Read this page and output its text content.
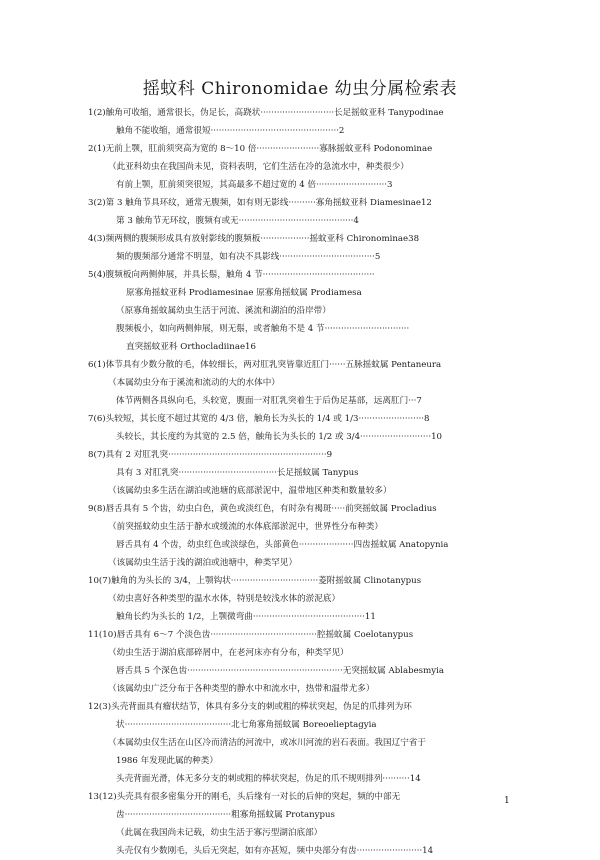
摇蚊科 Chironomidae 幼虫分属检索表
1(2)触角可收缩，通常很长，伪足长，高跷状···························长足摇蚊亚科 Tanypodinae
触角不能收缩，通常很短···············································2
2(1)无前上颚，肛前须突高为宽的 8～10 倍·······················寡脉摇蚊亚科 Podonominae
（此亚科幼虫在我国尚未见，资料表明，它们生活在冷的急流水中，种类很少）
有前上颚，肛前须突很短，其高最多不超过宽的 4 倍··························3
3(2)第 3 触角节具环纹，通常无腹频，如有则无影线··········寡角摇蚊亚科 Diamesinae12
第 3 触角节无环纹，腹频有或无··········································4
4(3)频两侧的腹频形成具有放射影线的腹频板··················摇蚊亚科 Chironominae38
频的腹频部分通常不明显，如有决不具影线···································5
5(4)腹频板向两侧伸展，并具长鬃，触角 4 节·········································
原寡角摇蚊亚科 Prodiamesinae 原寡角摇蚊属 Prodiamesa
（原寡角摇蚊属幼虫生活于河流、溪流和湖泊的沿岸带）
腹频板小，如向两侧伸展，则无鬃，或者触角不是 4 节·······························
直突摇蚊亚科 Orthocladiinae16
6(1)体节具有少数分散的毛，体较细长，两对肛乳突皆靠近肛门······五脉摇蚊属 Pentaneura
（本属幼虫分布于溪流和流动的大的水体中）
体节两侧各具纵向毛，头较宽，腹面一对肛乳突着生于后伪足基部，远离肛门···7
7(6)头较短，其长度不超过其宽的 4/3 倍，触角长为头长的 1/4 或 1/3························8
头较长，其长度约为其宽的 2.5 倍，触角长为头长的 1/2 或 3/4··························10
8(7)具有 2 对肛乳突··························································9
具有 3 对肛乳突····································长足摇蚊属 Tanypus
（该属幼虫多生活在湖泊或池塘的底部淤泥中，温带地区种类和数量较多）
9(8)唇舌具有 5 个齿，幼虫白色，黄色或淡红色，有时杂有褐斑·····前突摇蚊属 Procladius
（前突摇蚊幼虫生活于静水或缓流的水体底部淤泥中，世界性分布种类）
唇舌具有 4 个齿，幼虫红色或淡绿色，头部黄色····················四齿摇蚊属 Anatopynia
（该属幼虫生活于浅的湖泊或池塘中，种类罕见）
10(7)触角的为头长的 3/4，上颚钩状································菱附摇蚊属 Clinotanypus
（幼虫喜好各种类型的温水水体，特别是较浅水体的淤泥底）
触角长约为头长的 1/2，上颚微弯曲·········································11
11(10)唇舌具有 6～7 个淡色齿·······································腔摇蚊属 Coelotanypus
（幼虫生活于湖泊底部碎屑中，在老河床亦有分布，种类罕见）
唇舌具 5 个深色齿·························································无突摇蚊属 Ablabesmyia
（该属幼虫广泛分布于各种类型的静水中和流水中，热带和温带尤多）
12(3)头壳背面具有瘤状结节，体具有多分支的刺或粗的棒状突起，伪足的爪排列为环
状·······································北七角寡角摇蚊属 Boreoelieptagyia
（本属幼虫仅生活在山区冷而清洁的河流中，或冰川河流的岩石表面。我国辽宁省于
1986 年发现此属的种类）
头壳背面光滑，体无多分支的刺或粗的棒状突起，伪足的爪不规则排列··········14
13(12)头壳具有很多密集分开的刚毛，头后缘有一对长的后伸的突起，频的中部无
齿·······································粗寡角摇蚊属 Protanypus
（此属在我国尚未记载，幼虫生活于寡污型湖泊底部）
头壳仅有少数刚毛，头后无突起，如有亦甚短，频中央部分有齿························14
1
